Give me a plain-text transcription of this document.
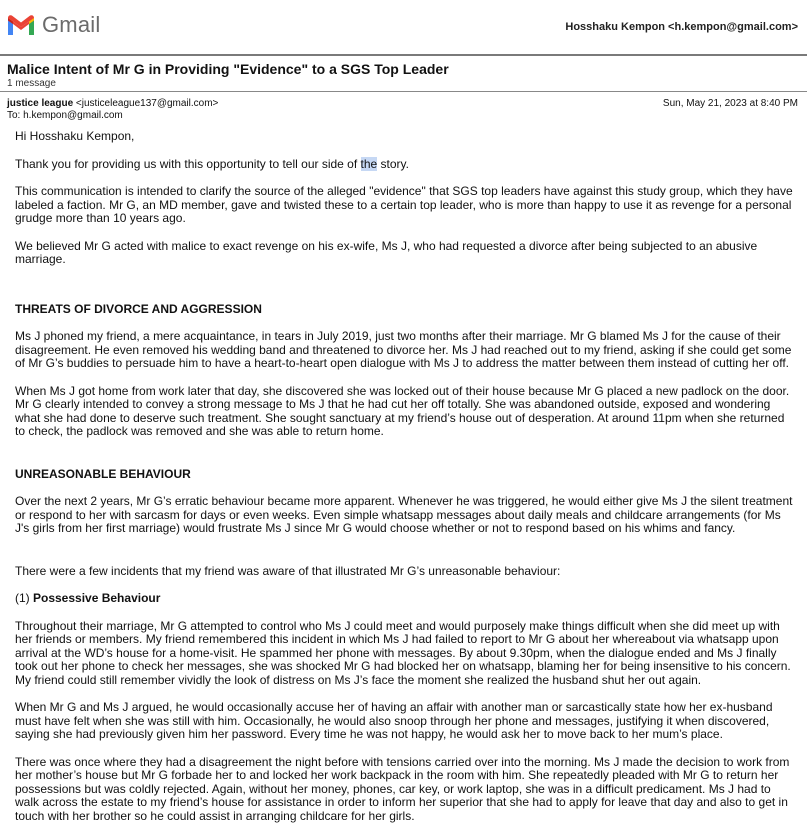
Gmail	Hosshaku Kempon <h.kempon@gmail.com>
Malice Intent of Mr G in Providing "Evidence" to a SGS Top Leader
1 message
justice league <justiceleague137@gmail.com>	Sun, May 21, 2023 at 8:40 PM
To: h.kempon@gmail.com

Hi Hosshaku Kempon,

Thank you for providing us with this opportunity to tell our side of the story.

This communication is intended to clarify the source of the alleged "evidence" that SGS top leaders have against this study group, which they have labeled a faction. Mr G, an MD member, gave and twisted these to a certain top leader, who is more than happy to use it as revenge for a personal grudge more than 10 years ago.

We believed Mr G acted with malice to exact revenge on his ex-wife, Ms J, who had requested a divorce after being subjected to an abusive marriage.

THREATS OF DIVORCE AND AGGRESSION

Ms J phoned my friend, a mere acquaintance, in tears in July 2019, just two months after their marriage. Mr G blamed Ms J for the cause of their disagreement. He even removed his wedding band and threatened to divorce her. Ms J had reached out to my friend, asking if she could get some of Mr G’s buddies to persuade him to have a heart-to-heart open dialogue with Ms J to address the matter between them instead of cutting her off.

When Ms J got home from work later that day, she discovered she was locked out of their house because Mr G placed a new padlock on the door. Mr G clearly intended to convey a strong message to Ms J that he had cut her off totally. She was abandoned outside, exposed and wondering what she had done to deserve such treatment. She sought sanctuary at my friend’s house out of desperation. At around 11pm when she returned to check, the padlock was removed and she was able to return home.

UNREASONABLE BEHAVIOUR

Over the next 2 years, Mr G’s erratic behaviour became more apparent. Whenever he was triggered, he would either give Ms J the silent treatment or respond to her with sarcasm for days or even weeks. Even simple whatsapp messages about daily meals and childcare arrangements (for Ms J's girls from her first marriage) would frustrate Ms J since Mr G would choose whether or not to respond based on his whims and fancy.

There were a few incidents that my friend was aware of that illustrated Mr G’s unreasonable behaviour:

(1) Possessive Behaviour

Throughout their marriage, Mr G attempted to control who Ms J could meet and would purposely make things difficult when she did meet up with her friends or members. My friend remembered this incident in which Ms J had failed to report to Mr G about her whereabout via whatsapp upon arrival at the WD’s house for a home-visit. He spammed her phone with messages. By about 9.30pm, when the dialogue ended and Ms J finally took out her phone to check her messages, she was shocked Mr G had blocked her on whatsapp, blaming her for being insensitive to his concern. My friend could still remember vividly the look of distress on Ms J’s face the moment she realized the husband shut her out again.

When Mr G and Ms J argued, he would occasionally accuse her of having an affair with another man or sarcastically state how her ex-husband must have felt when she was still with him. Occasionally, he would also snoop through her phone and messages, justifying it when discovered, saying she had previously given him her password. Every time he was not happy, he would ask her to move back to her mum’s place.

There was once where they had a disagreement the night before with tensions carried over into the morning. Ms J made the decision to work from her mother’s house but Mr G forbade her to and locked her work backpack in the room with him. She repeatedly pleaded with Mr G to return her possessions but was coldly rejected. Again, without her money, phones, car key, or work laptop, she was in a difficult predicament. Ms J had to walk across the estate to my friend’s house for assistance in order to inform her superior that she had to apply for leave that day and also to get in touch with her brother so he could assist in arranging childcare for her girls.
